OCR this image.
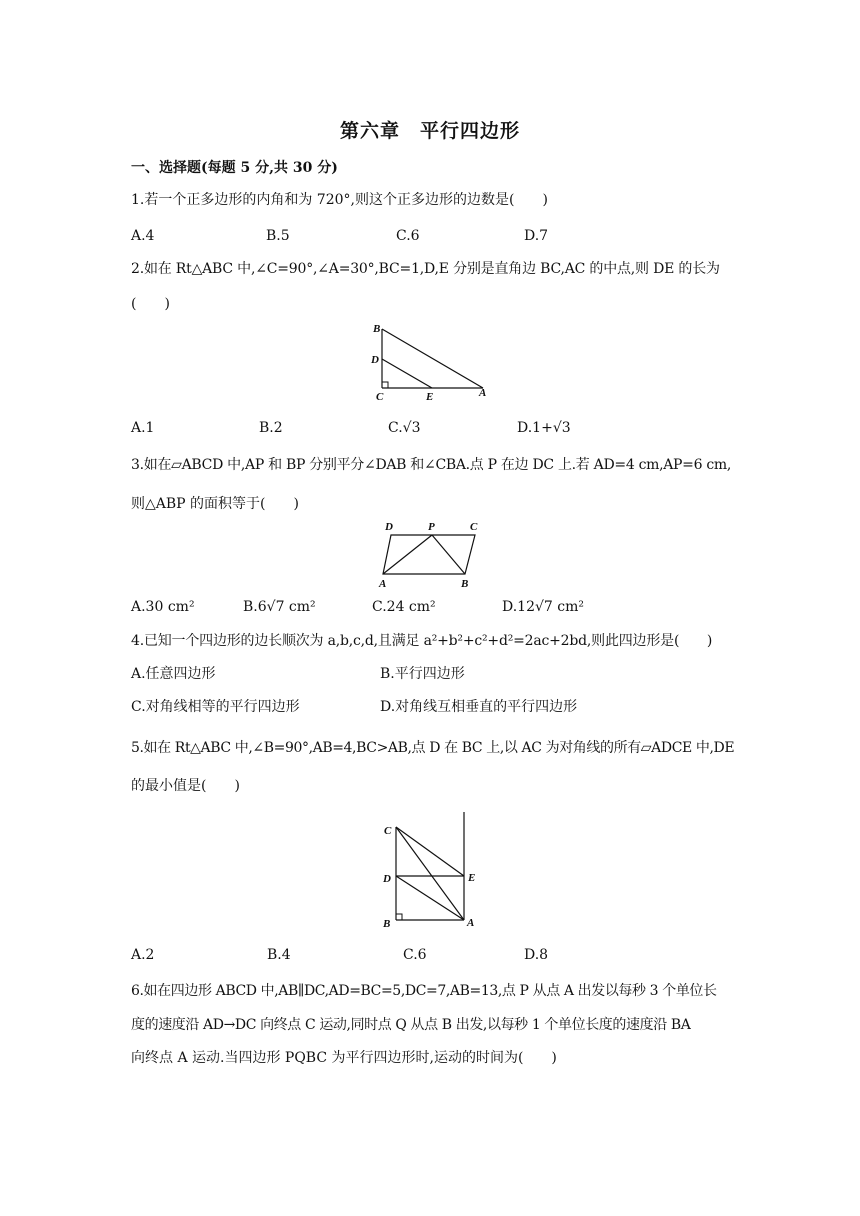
第六章　平行四边形
一、选择题(每题 5 分,共 30 分)
1.若一个正多边形的内角和为 720°,则这个正多边形的边数是(　　)
A.4	B.5	C.6	D.7
2.如在 Rt△ABC 中,∠C=90°,∠A=30°,BC=1,D,E 分别是直角边 BC,AC 的中点,则 DE 的长为
(　　)
B
D
C	E	A
A.1	B.2	C.√3	D.1+√3
3.如在▱ABCD 中,AP 和 BP 分别平分∠DAB 和∠CBA.点 P 在边 DC 上.若 AD=4 cm,AP=6 cm,
则△ABP 的面积等于(　　)
D	P	C
A	B
A.30 cm²	B.6√7 cm²	C.24 cm²	D.12√7 cm²
4.已知一个四边形的边长顺次为 a,b,c,d,且满足 a²+b²+c²+d²=2ac+2bd,则此四边形是(　　)
A.任意四边形	B.平行四边形
C.对角线相等的平行四边形	D.对角线互相垂直的平行四边形
5.如在 Rt△ABC 中,∠B=90°,AB=4,BC>AB,点 D 在 BC 上,以 AC 为对角线的所有▱ADCE 中,DE
的最小值是(　　)
C
D	E
B	A
A.2	B.4	C.6	D.8
6.如在四边形 ABCD 中,AB∥DC,AD=BC=5,DC=7,AB=13,点 P 从点 A 出发以每秒 3 个单位长
度的速度沿 AD→DC 向终点 C 运动,同时点 Q 从点 B 出发,以每秒 1 个单位长度的速度沿 BA
向终点 A 运动.当四边形 PQBC 为平行四边形时,运动的时间为(　　)
